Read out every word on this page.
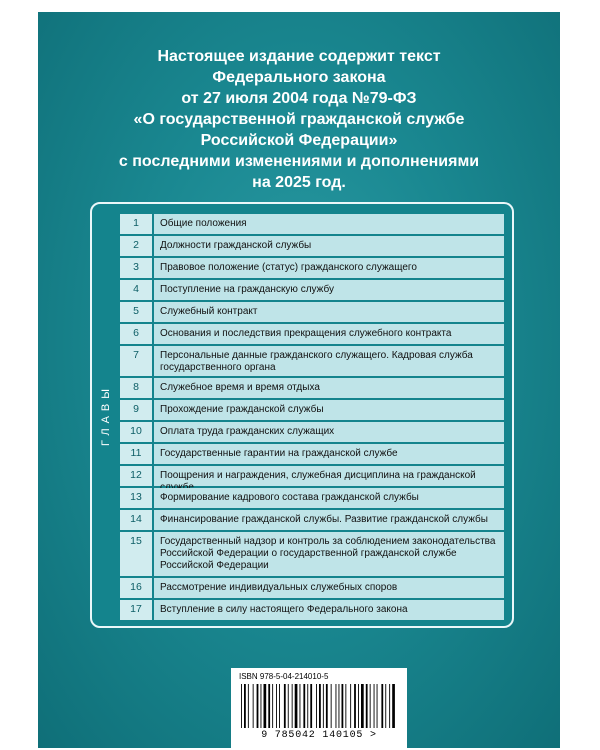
Настоящее издание содержит текст
Федерального закона
от 27 июля 2004 года №79-ФЗ
«О государственной гражданской службе
Российской Федерации»
с последними изменениями и дополнениями
на 2025 год.
ГЛАВЫ
1	Общие положения
2	Должности гражданской службы
3	Правовое положение (статус) гражданского служащего
4	Поступление на гражданскую службу
5	Служебный контракт
6	Основания и последствия прекращения служебного контракта
7	Персональные данные гражданского служащего. Кадровая служба государственного органа
8	Служебное время и время отдыха
9	Прохождение гражданской службы
10	Оплата труда гражданских служащих
11	Государственные гарантии на гражданской службе
12	Поощрения и награждения, служебная дисциплина на гражданской
13	Формирование кадрового состава гражданской службы
14	Финансирование гражданской службы. Развитие гражданской службы
15	Государственный надзор и контроль за соблюдением законодательства Российской Федерации о государственной гражданской службе Российской Федерации
16	Рассмотрение индивидуальных служебных споров
17	Вступление в силу настоящего Федерального закона
ISBN 978-5-04-214010-5
9 785042 140105 >
